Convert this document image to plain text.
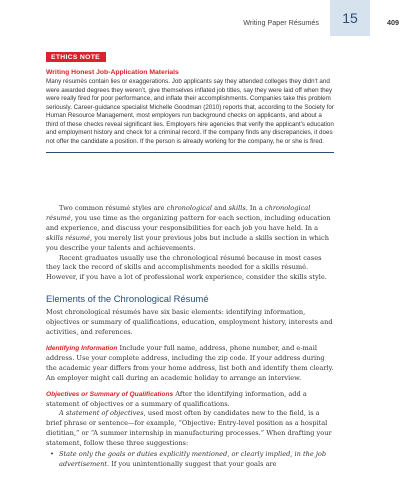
Writing Paper Résumés	15	409
ETHICS NOTE
Writing Honest Job-Application Materials
Many résumés contain lies or exaggerations. Job applicants say they attended colleges they didn’t and were awarded degrees they weren’t, give themselves inflated job titles, say they were laid off when they were really fired for poor performance, and inflate their accomplishments. Companies take this problem seriously. Career-guidance specialist Michelle Goodman (2010) reports that, according to the Society for Human Resource Management, most employers run background checks on applicants, and about a third of these checks reveal significant lies. Employers hire agencies that verify the applicant’s education and employment history and check for a criminal record. If the company finds any discrepancies, it does not offer the candidate a position. If the person is already working for the company, he or she is fired.

Two common résumé styles are chronological and skills. In a chronological résumé, you use time as the organizing pattern for each section, including education and experience, and discuss your responsibilities for each job you have held. In a skills résumé, you merely list your previous jobs but include a skills section in which you describe your talents and achievements.

Recent graduates usually use the chronological résumé because in most cases they lack the record of skills and accomplishments needed for a skills résumé. However, if you have a lot of professional work experience, consider the skills style.

Elements of the Chronological Résumé

Most chronological résumés have six basic elements: identifying information, objectives or summary of qualifications, education, employment history, interests and activities, and references.

Identifying Information Include your full name, address, phone number, and e-mail address. Use your complete address, including the zip code. If your address during the academic year differs from your home address, list both and identify them clearly. An employer might call during an academic holiday to arrange an interview.

Objectives or Summary of Qualifications After the identifying information, add a statement of objectives or a summary of qualifications.

A statement of objectives, used most often by candidates new to the field, is a brief phrase or sentence—for example, “Objective: Entry-level position as a hospital dietitian,” or “A summer internship in manufacturing processes.” When drafting your statement, follow these three suggestions:

• State only the goals or duties explicitly mentioned, or clearly implied, in the job advertisement. If you unintentionally suggest that your goals are
